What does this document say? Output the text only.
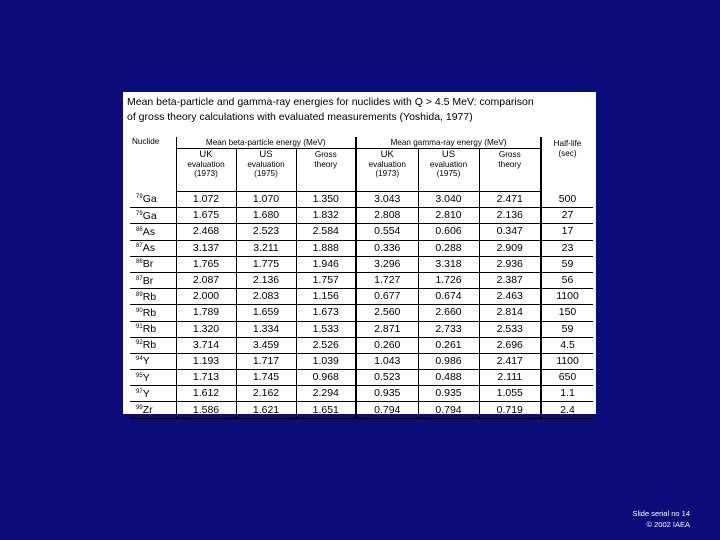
Mean beta-particle and gamma-ray energies for nuclides with Q > 4.5 MeV: comparison
of gross theory calculations with evaluated measurements (Yoshida, 1977)

Nuclide	Mean beta-particle energy (MeV)			Mean gamma-ray energy (MeV)			Half-life
(sec)

	UK
evaluation
(1973)	US
evaluation
(1975)	Gross
theory	UK
evaluation
(1973)	US
evaluation
(1975)	Gross
theory	
$^{79}$Ga	1.072	1.070	1.350	3.043	3.040	2.471	500
$^{79}$Ga	1.675	1.680	1.832	2.808	2.810	2.136	27
$^{86}$As	2.468	2.523	2.584	0.554	0.606	0.347	17
$^{87}$As	3.137	3.211	1.888	0.336	0.288	2.909	23
$^{86}$Br	1.765	1.775	1.946	3.296	3.318	2.936	59
$^{87}$Br	2.087	2.136	1.757	1.727	1.726	2.387	56
$^{89}$Rb	2.000	2.083	1.156	0.677	0.674	2.463	1100
$^{90}$Rb	1.789	1.659	1.673	2.560	2.660	2.814	150
$^{91}$Rb	1.320	1.334	1.533	2.871	2.733	2.533	59
$^{92}$Rb	3.714	3.459	2.526	0.260	0.261	2.696	4.5
$^{94}$Y	1.193	1.717	1.039	1.043	0.986	2.417	1100
$^{95}$Y	1.713	1.745	0.968	0.523	0.488	2.111	650
$^{97}$Y	1.612	2.162	2.294	0.935	0.935	1.055	1.1
$^{99}$Zr	1.586	1.621	1.651	0.794	0.794	0.719	2.4
Slide serial no 14
© 2002 IAEA
